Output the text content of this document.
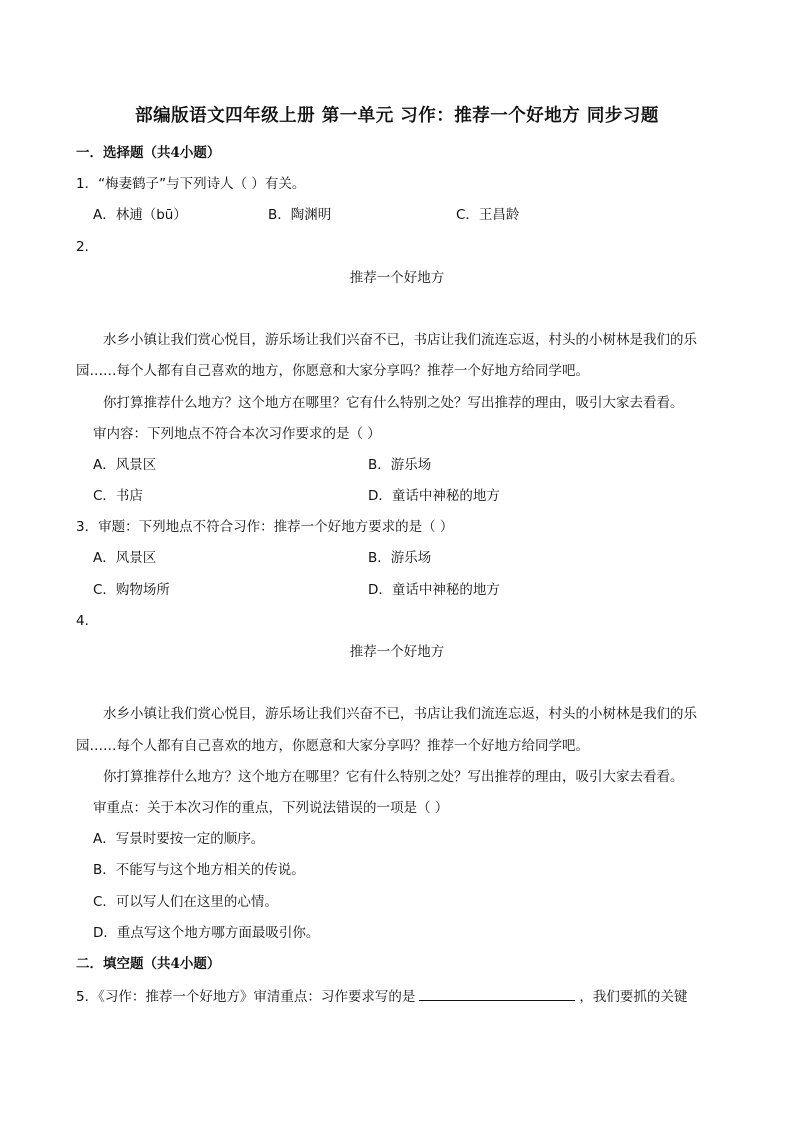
部编版语文四年级上册 第一单元 习作：推荐一个好地方 同步习题
一．选择题（共4小题）
1．“梅妻鹤子”与下列诗人（ ）有关。
A．林逋（bū）	B．陶渊明	C．王昌龄
2．
推荐一个好地方
水乡小镇让我们赏心悦目，游乐场让我们兴奋不已，书店让我们流连忘返，村头的小树林是我们的乐
园……每个人都有自己喜欢的地方，你愿意和大家分享吗？推荐一个好地方给同学吧。
你打算推荐什么地方？这个地方在哪里？它有什么特别之处？写出推荐的理由，吸引大家去看看。
审内容：下列地点不符合本次习作要求的是（ ）
A．风景区	B．游乐场
C．书店	D．童话中神秘的地方
3．审题：下列地点不符合习作：推荐一个好地方要求的是（ ）
A．风景区	B．游乐场
C．购物场所	D．童话中神秘的地方
4．
推荐一个好地方
水乡小镇让我们赏心悦目，游乐场让我们兴奋不已，书店让我们流连忘返，村头的小树林是我们的乐
园……每个人都有自己喜欢的地方，你愿意和大家分享吗？推荐一个好地方给同学吧。
你打算推荐什么地方？这个地方在哪里？它有什么特别之处？写出推荐的理由，吸引大家去看看。
审重点：关于本次习作的重点，下列说法错误的一项是（ ）
A．写景时要按一定的顺序。
B．不能写与这个地方相关的传说。
C．可以写人们在这里的心情。
D．重点写这个地方哪方面最吸引你。
二．填空题（共4小题）
5．《习作：推荐一个好地方》审清重点：习作要求写的是	，我们要抓的关键
